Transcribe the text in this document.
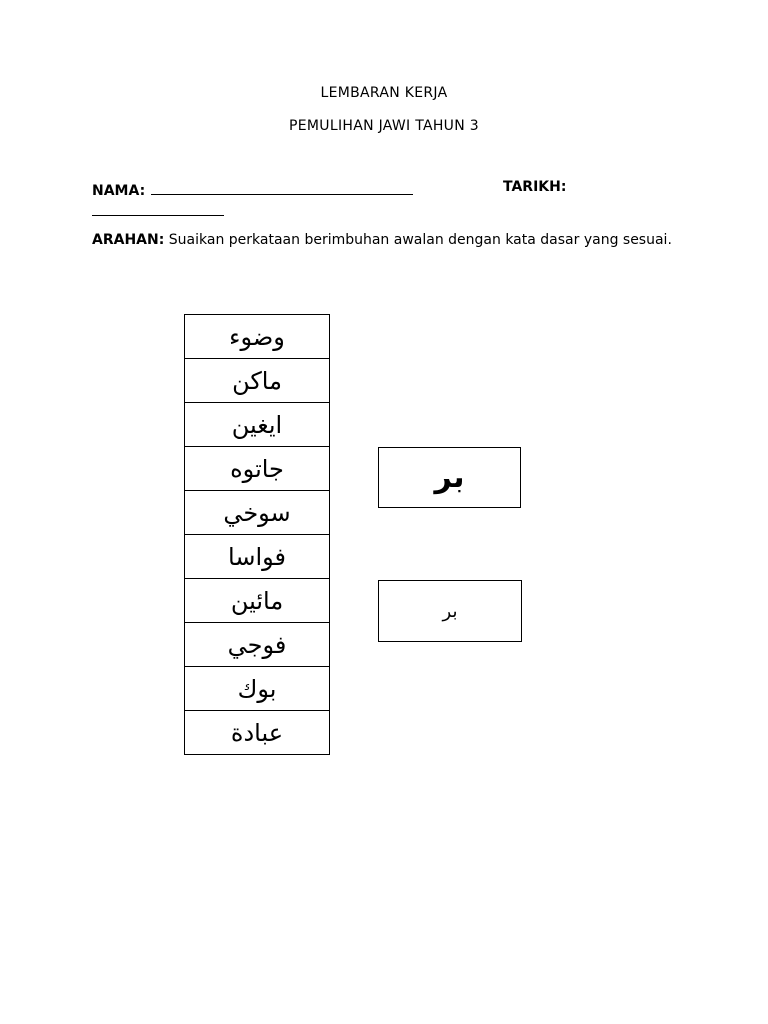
LEMBARAN KERJA
PEMULIHAN JAWI TAHUN 3
NAMA:	TARIKH:
ARAHAN: Suaikan perkataan berimbuhan awalan dengan kata dasar yang sesuai.
وضوء
ماكن
ايغين
جاتوه
سوخي
فواسا
مائين
فوجي
بوك
عبادة
بر
بر
